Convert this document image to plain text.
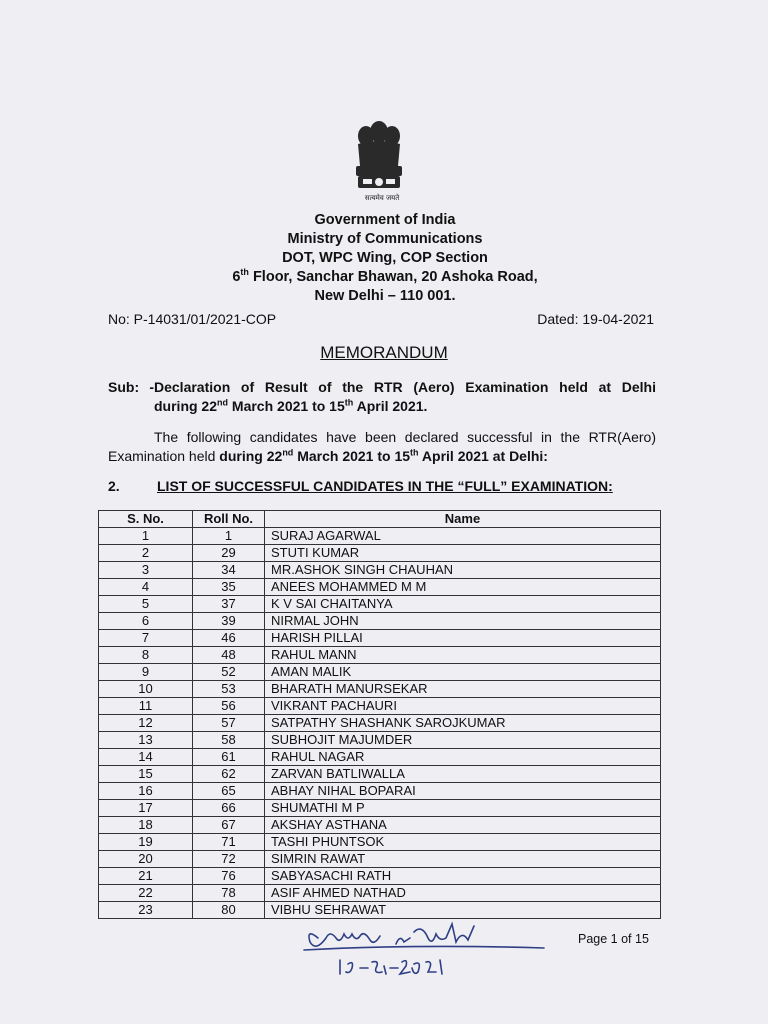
सत्यमेव जयते
Government of India
Ministry of Communications
DOT, WPC Wing, COP Section
6th Floor, Sanchar Bhawan, 20 Ashoka Road,
New Delhi – 110 001.
No: P-14031/01/2021-COP	Dated: 19-04-2021
MEMORANDUM
Sub: -Declaration of Result of the RTR (Aero) Examination held at Delhi
during 22nd March 2021 to 15th April 2021.
The following candidates have been declared successful in the RTR(Aero)
Examination held during 22nd March 2021 to 15th April 2021 at Delhi:
2.	LIST OF SUCCESSFUL CANDIDATES IN THE “FULL” EXAMINATION:
S. No.	Roll No.	Name
1	1	SURAJ AGARWAL
2	29	STUTI KUMAR
3	34	MR.ASHOK SINGH CHAUHAN
4	35	ANEES MOHAMMED M M
5	37	K V SAI CHAITANYA
6	39	NIRMAL JOHN
7	46	HARISH PILLAI
8	48	RAHUL MANN
9	52	AMAN MALIK
10	53	BHARATH MANURSEKAR
11	56	VIKRANT PACHAURI
12	57	SATPATHY SHASHANK SAROJKUMAR
13	58	SUBHOJIT MAJUMDER
14	61	RAHUL NAGAR
15	62	ZARVAN BATLIWALLA
16	65	ABHAY NIHAL BOPARAI
17	66	SHUMATHI M P
18	67	AKSHAY ASTHANA
19	71	TASHI PHUNTSOK
20	72	SIMRIN RAWAT
21	76	SABYASACHI RATH
22	78	ASIF AHMED NATHAD
23	80	VIBHU SEHRAWAT
Page 1 of 15
